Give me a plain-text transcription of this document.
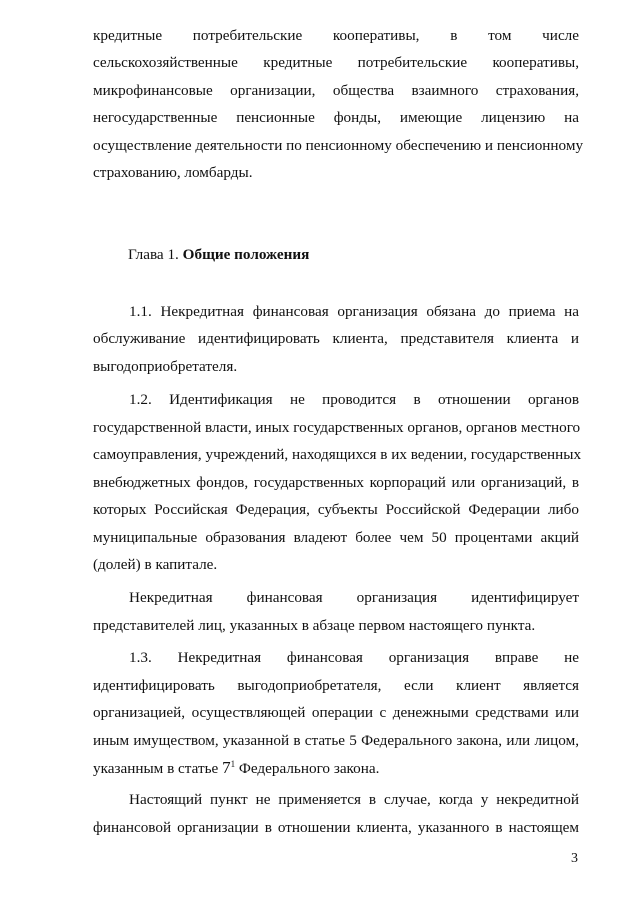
кредитные потребительские кооперативы, в том числе
сельскохозяйственные кредитные потребительские кооперативы,
микрофинансовые организации, общества взаимного страхования,
негосударственные пенсионные фонды, имеющие лицензию на
осуществление деятельности по пенсионному обеспечению и пенсионному
страхованию, ломбарды.
Глава 1. Общие положения
1.1. Некредитная финансовая организация обязана до приема на
обслуживание идентифицировать клиента, представителя клиента и
выгодоприобретателя.
1.2. Идентификация не проводится в отношении органов
государственной власти, иных государственных органов, органов местного
самоуправления, учреждений, находящихся в их ведении, государственных
внебюджетных фондов, государственных корпораций или организаций, в
которых Российская Федерация, субъекты Российской Федерации либо
муниципальные образования владеют более чем 50 процентами акций
(долей) в капитале.
Некредитная финансовая организация идентифицирует
представителей лиц, указанных в абзаце первом настоящего пункта.
1.3. Некредитная финансовая организация вправе не
идентифицировать выгодоприобретателя, если клиент является
организацией, осуществляющей операции с денежными средствами или
иным имуществом, указанной в статье 5 Федерального закона, или лицом,
указанным в статье $7^1$ Федерального закона.
Настоящий пункт не применяется в случае, когда у некредитной
финансовой организации в отношении клиента, указанного в настоящем
3
